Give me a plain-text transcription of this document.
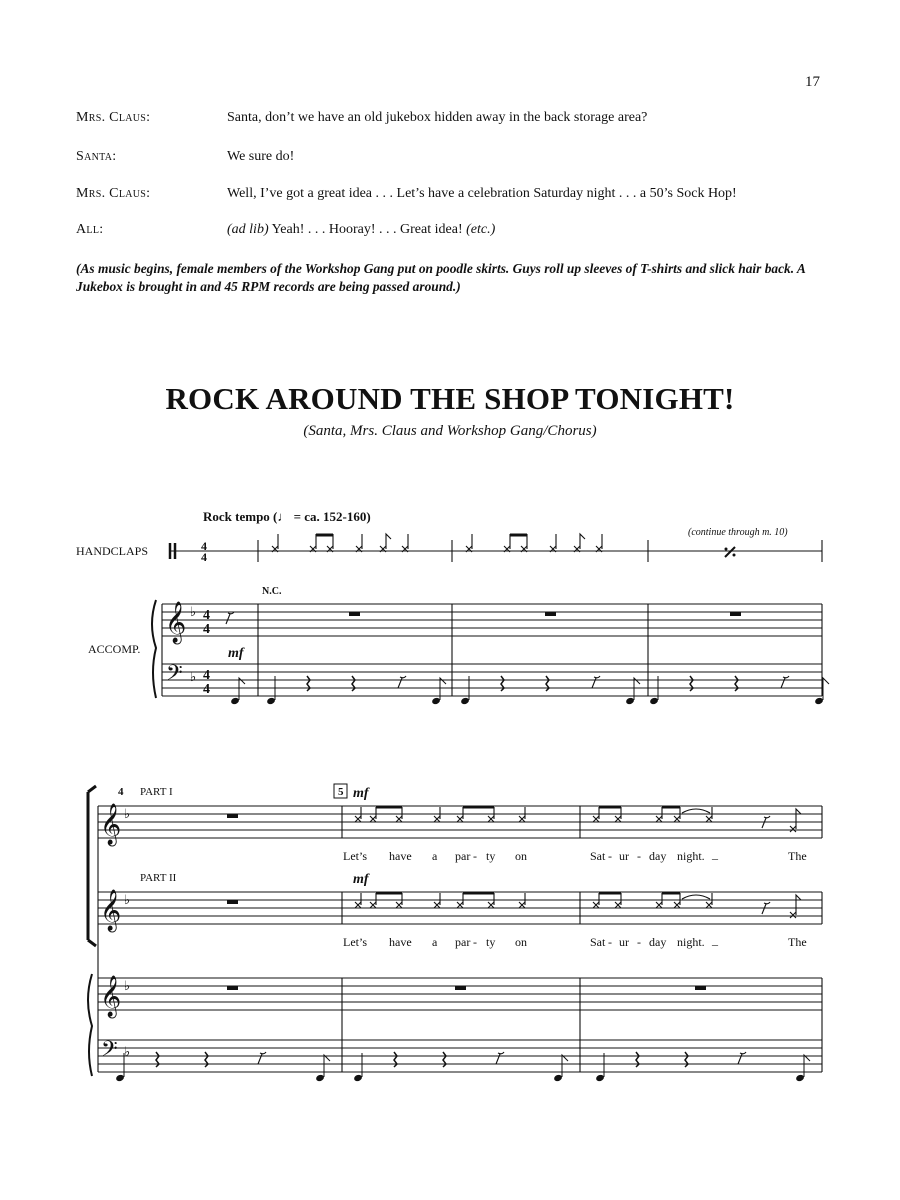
17
Mrs. Claus:	Santa, don’t we have an old jukebox hidden away in the back storage area?
Santa:	We sure do!
Mrs. Claus:	Well, I’ve got a great idea . . . Let’s have a celebration Saturday night . . . a 50’s Sock Hop!
All:	(ad lib) Yeah! . . . Hooray! . . . Great idea! (etc.)
(As music begins, female members of the Workshop Gang put on poodle skirts. Guys roll up sleeves of T-shirts and slick hair back. A Jukebox is brought in and 45 RPM records are being passed around.)
ROCK AROUND THE SHOP TONIGHT!
(Santa, Mrs. Claus and Workshop Gang/Chorus)
Rock tempo (♩ = ca. 152-160)
(continue through m. 10)
HANDCLAPS
ACCOMP.
N.C.
mf
4 PART I
PART II
mf
mf
5
4
4
𝄞
𝄢
♭
♭
4
4
4
4
𝄞
𝄞
𝄞
𝄢
♭
♭
♭
♭
Let’s have a par - ty on	Sat - ur - day night. _	The
Let’s have a par - ty on	Sat - ur - day night. _	The
